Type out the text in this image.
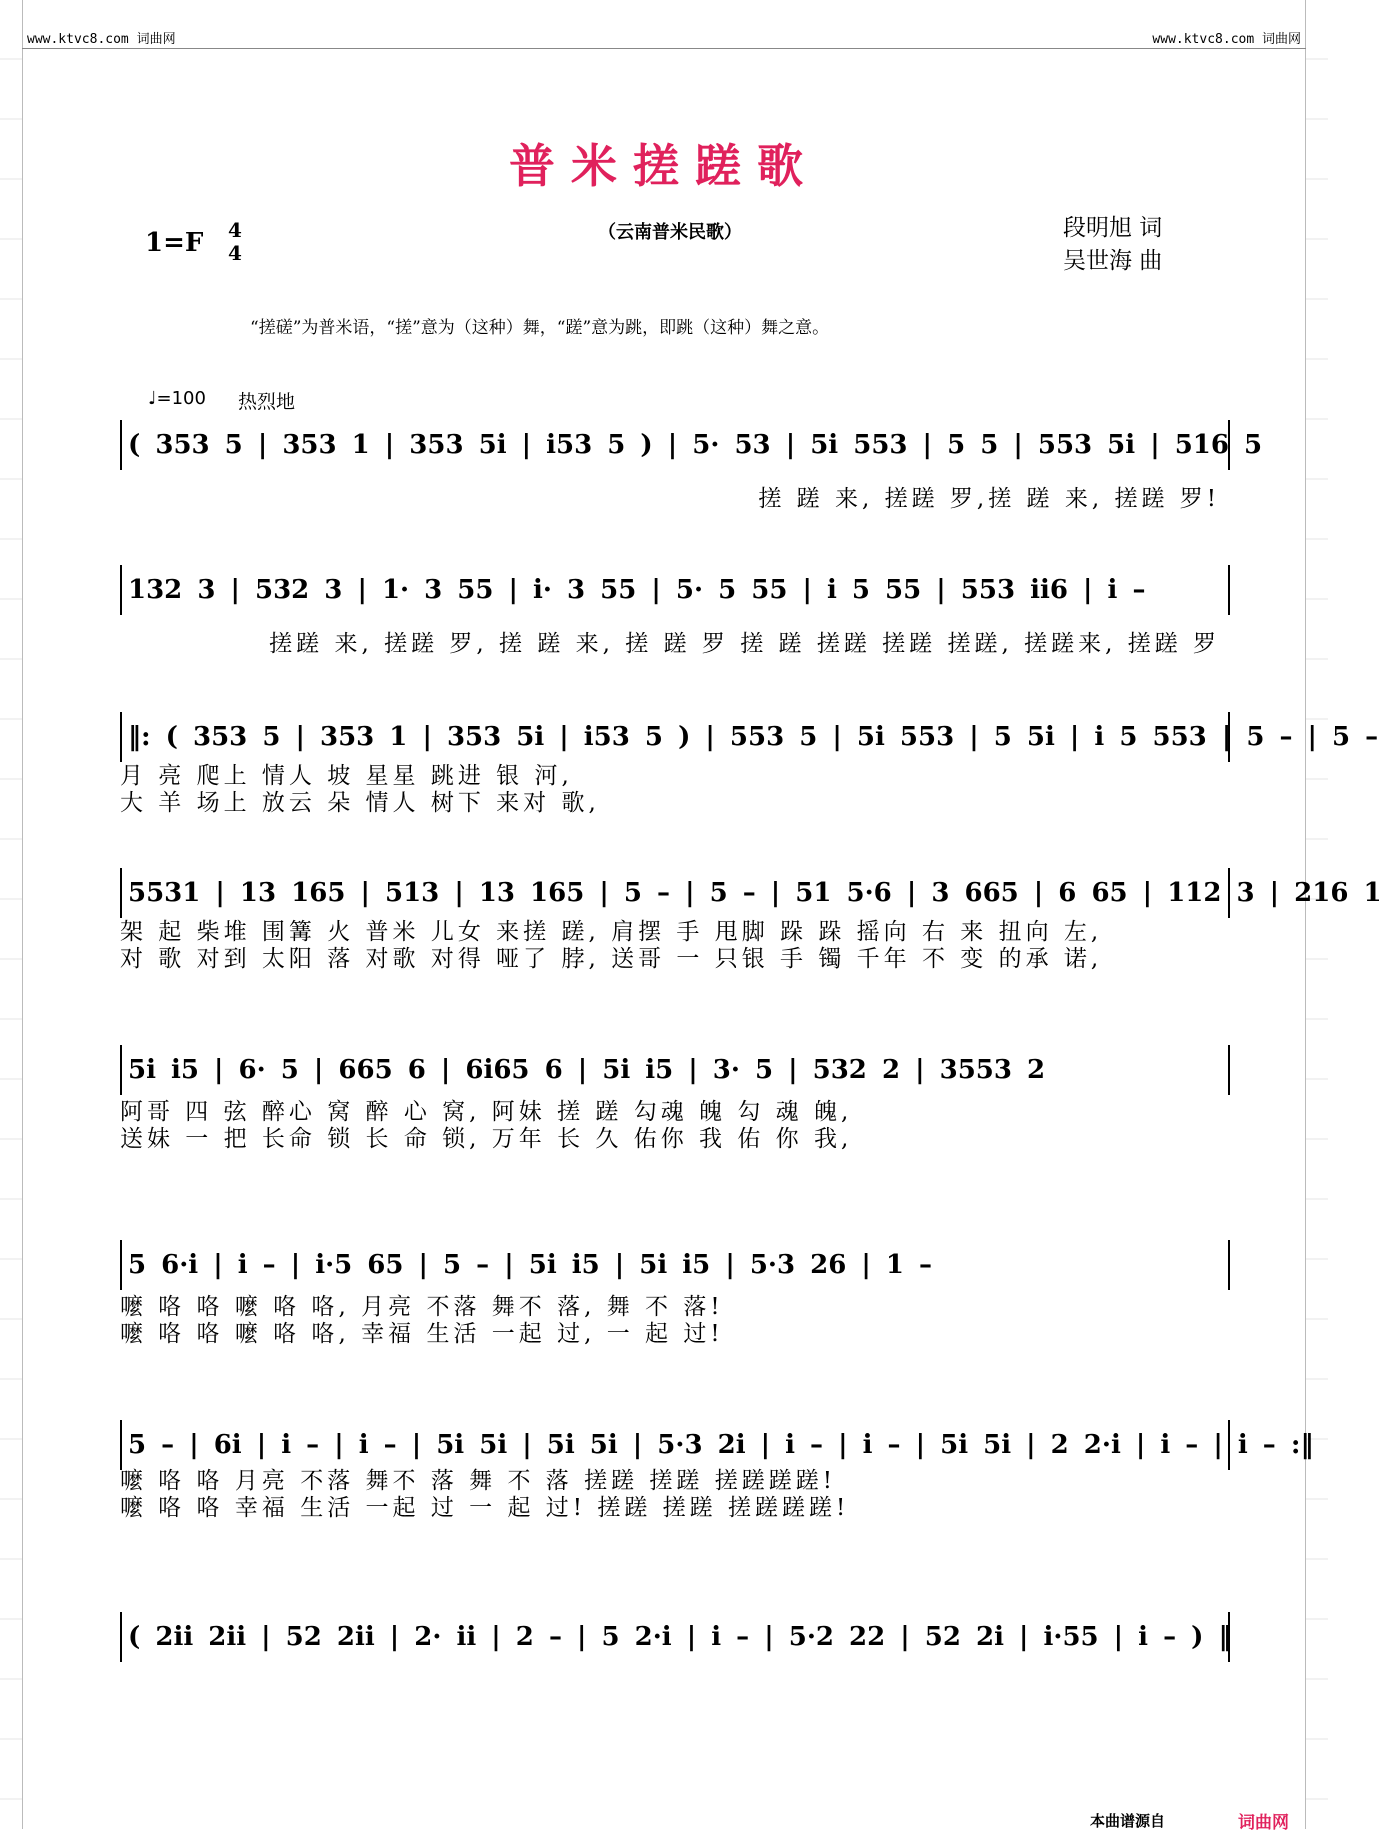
www.ktvc8.com 词曲网	www.ktvc8.com 词曲网
普米搓蹉歌
1=F 4
4
（云南普米民歌）	段明旭 词
吴世海 曲
“搓磋”为普米语，“搓”意为（这种）舞，“蹉”意为跳，即跳（这种）舞之意。
♩=100 热烈地
( 353 5 | 353 1 | 353 5i | i53 5 ) | 5· 53 | 5i 553 | 5 5 | 553 5i | 516 5
搓 蹉 来, 搓蹉 罗,搓 蹉 来, 搓蹉 罗!
132 3 | 532 3 | 1· 3 55 | i· 3 55 | 5· 5 55 | i 5 55 | 553 ii6 | i –
搓蹉 来, 搓蹉 罗, 搓 蹉 来, 搓 蹉 罗 搓 蹉 搓蹉 搓蹉 搓蹉, 搓蹉来, 搓蹉 罗
‖: ( 353 5 | 353 1 | 353 5i | i53 5 ) | 553 5 | 5i 553 | 5 5i | i 5 553 | 5 – | 5 –
月 亮 爬上 情人 坡 星星 跳进 银 河,
大 羊 场上 放云 朵 情人 树下 来对 歌,
5531 | 13 165 | 513 | 13 165 | 5 – | 5 – | 51 5·6 | 3 665 | 6 65 | 112 3 | 216 1
架 起 柴堆 围篝 火 普米 儿女 来搓 蹉, 肩摆 手 甩脚 跺 跺 摇向 右 来 扭向 左,
对 歌 对到 太阳 落 对歌 对得 哑了 脖, 送哥 一 只银 手 镯 千年 不 变 的承 诺,
5i i5 | 6· 5 | 665 6 | 6i65 6 | 5i i5 | 3· 5 | 532 2 | 3553 2
阿哥 四 弦 醉心 窝 醉 心 窝, 阿妹 搓 蹉 勾魂 魄 勾 魂 魄,
送妹 一 把 长命 锁 长 命 锁, 万年 长 久 佑你 我 佑 你 我,
5 6·i | i – | i·5 65 | 5 – | 5i i5 | 5i i5 | 5·3 26 | 1 –
嚒 咯 咯 嚒 咯 咯, 月亮 不落 舞不 落, 舞 不 落!
嚒 咯 咯 嚒 咯 咯, 幸福 生活 一起 过, 一 起 过!
5 – | 6i | i – | i – | 5i 5i | 5i 5i | 5·3 2i | i – | i – | 5i 5i | 2 2·i | i – | i – :‖
嚒 咯 咯 月亮 不落 舞不 落 舞 不 落 搓蹉 搓蹉 搓蹉蹉蹉!
嚒 咯 咯 幸福 生活 一起 过 一 起 过! 搓蹉 搓蹉 搓蹉蹉蹉!
( 2ii 2ii | 52 2ii | 2· ii | 2 – | 5 2·i | i – | 5·2 22 | 52 2i | i·55 | i – ) ‖
本曲谱源自	词曲网
